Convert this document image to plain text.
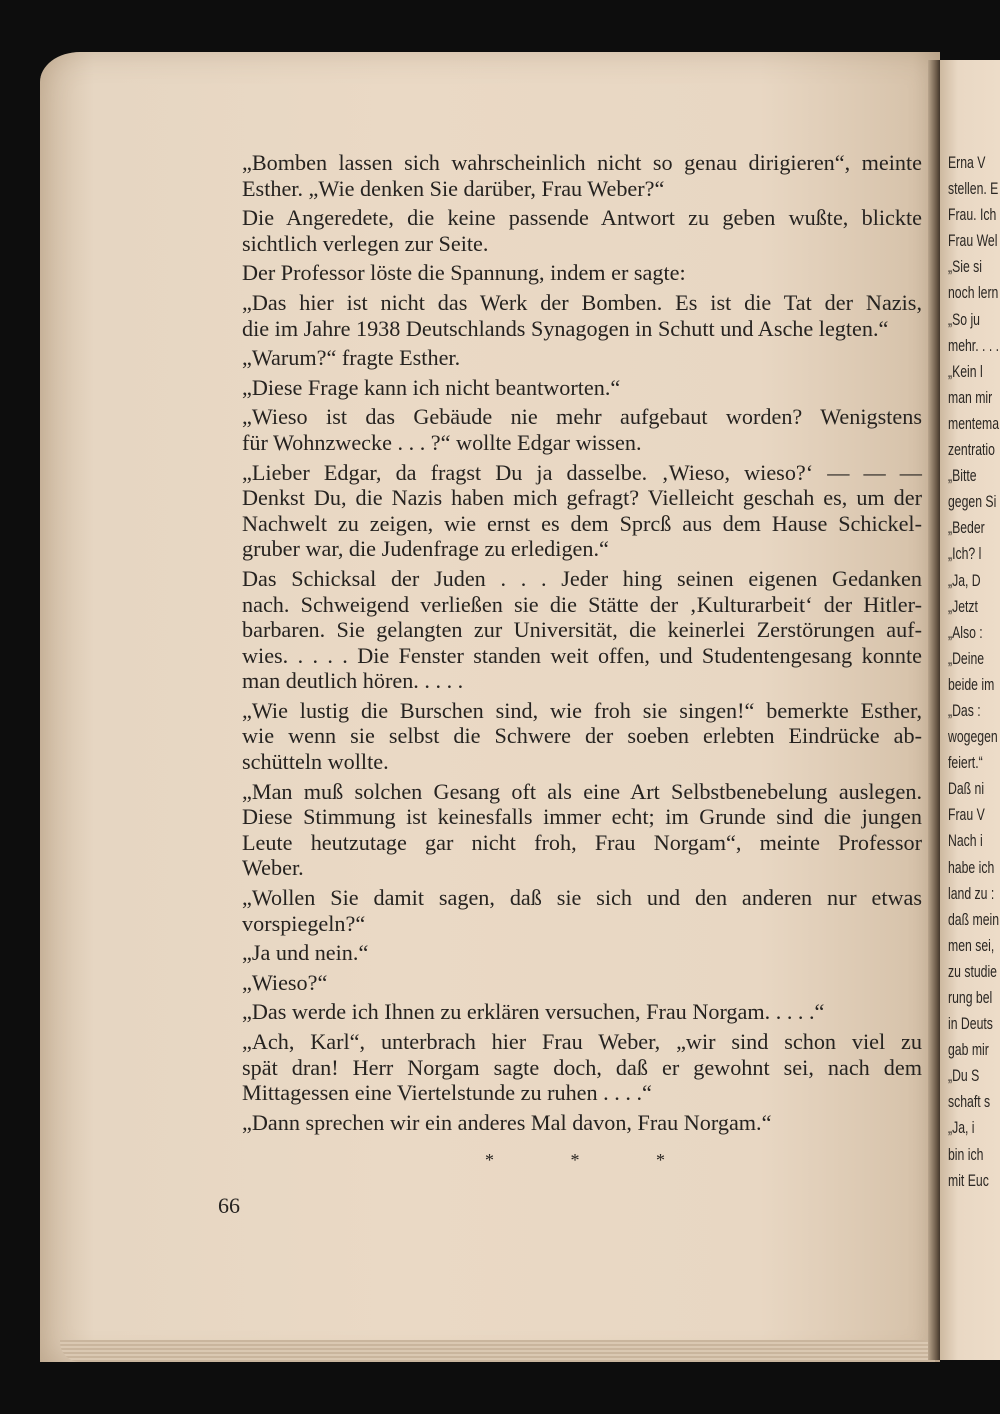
„Bomben lassen sich wahrscheinlich nicht so genau dirigieren“, meinte
Esther. „Wie denken Sie darüber, Frau Weber?“

Die Angeredete, die keine passende Antwort zu geben wußte, blickte
sichtlich verlegen zur Seite.

Der Professor löste die Spannung, indem er sagte:

„Das hier ist nicht das Werk der Bomben. Es ist die Tat der Nazis,
die im Jahre 1938 Deutschlands Synagogen in Schutt und Asche legten.“

„Warum?“ fragte Esther.

„Diese Frage kann ich nicht beantworten.“

„Wieso ist das Gebäude nie mehr aufgebaut worden? Wenigstens
für Wohnzwecke . . . ?“ wollte Edgar wissen.

„Lieber Edgar, da fragst Du ja dasselbe. ‚Wieso, wieso?‘ — — —
Denkst Du, die Nazis haben mich gefragt? Vielleicht geschah es, um der
Nachwelt zu zeigen, wie ernst es dem Sprcß aus dem Hause Schickel-
gruber war, die Judenfrage zu erledigen.“

Das Schicksal der Juden . . . Jeder hing seinen eigenen Gedanken
nach. Schweigend verließen sie die Stätte der ‚Kulturarbeit‘ der Hitler-
barbaren. Sie gelangten zur Universität, die keinerlei Zerstörungen auf-
wies. . . . . Die Fenster standen weit offen, und Studentengesang konnte
man deutlich hören. . . . .

„Wie lustig die Burschen sind, wie froh sie singen!“ bemerkte Esther,
wie wenn sie selbst die Schwere der soeben erlebten Eindrücke ab-
schütteln wollte.

„Man muß solchen Gesang oft als eine Art Selbstbenebelung auslegen.
Diese Stimmung ist keinesfalls immer echt; im Grunde sind die jungen
Leute heutzutage gar nicht froh, Frau Norgam“, meinte Professor
Weber.

„Wollen Sie damit sagen, daß sie sich und den anderen nur etwas
vorspiegeln?“

„Ja und nein.“

„Wieso?“

„Das werde ich Ihnen zu erklären versuchen, Frau Norgam. . . . .“

„Ach, Karl“, unterbrach hier Frau Weber, „wir sind schon viel zu
spät dran! Herr Norgam sagte doch, daß er gewohnt sei, nach dem
Mittagessen eine Viertelstunde zu ruhen . . . .“

„Dann sprechen wir ein anderes Mal davon, Frau Norgam.“

*	*	*
66
Erna V
stellen. E
Frau. Ich
Frau Wel
„Sie si
noch lern
„So ju
mehr. . . .
„Kein l
man mir
mentema
zentratio
„Bitte
gegen Si
„Beder
„Ich? l
„Ja, D
„Jetzt
„Also :
„Deine
beide im
„Das :
wogegen
feiert.“
Daß ni
Frau V
Nach i
habe ich
land zu :
daß mein
men sei,
zu studie
rung bel
in Deuts
gab mir
„Du S
schaft s
„Ja, i
bin ich
mit Euc
